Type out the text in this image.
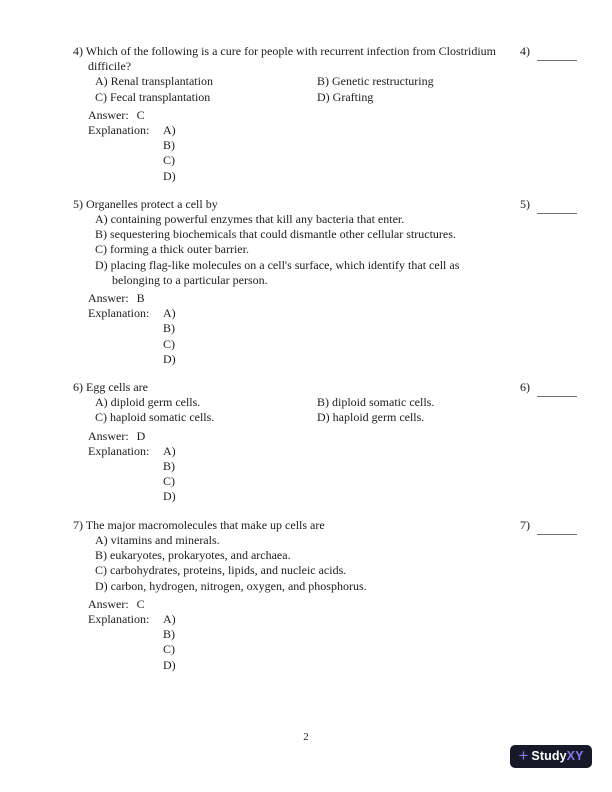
4)
4) Which of the following is a cure for people with recurrent infection from Clostridium
difficile?
A) Renal transplantation	B) Genetic restructuring
C) Fecal transplantation	D) Grafting
Answer: C
Explanation:	A)
B)
C)
D)
5)
5) Organelles protect a cell by
A) containing powerful enzymes that kill any bacteria that enter.
B) sequestering biochemicals that could dismantle other cellular structures.
C) forming a thick outer barrier.
D) placing flag-like molecules on a cell's surface, which identify that cell as
belonging to a particular person.
Answer: B
Explanation:	A)
B)
C)
D)
6)
6) Egg cells are
A) diploid germ cells.	B) diploid somatic cells.
C) haploid somatic cells.	D) haploid germ cells.
Answer: D
Explanation:	A)
B)
C)
D)
7)
7) The major macromolecules that make up cells are
A) vitamins and minerals.
B) eukaryotes, prokaryotes, and archaea.
C) carbohydrates, proteins, lipids, and nucleic acids.
D) carbon, hydrogen, nitrogen, oxygen, and phosphorus.
Answer: C
Explanation:	A)
B)
C)
D)
2
+ Study XY
